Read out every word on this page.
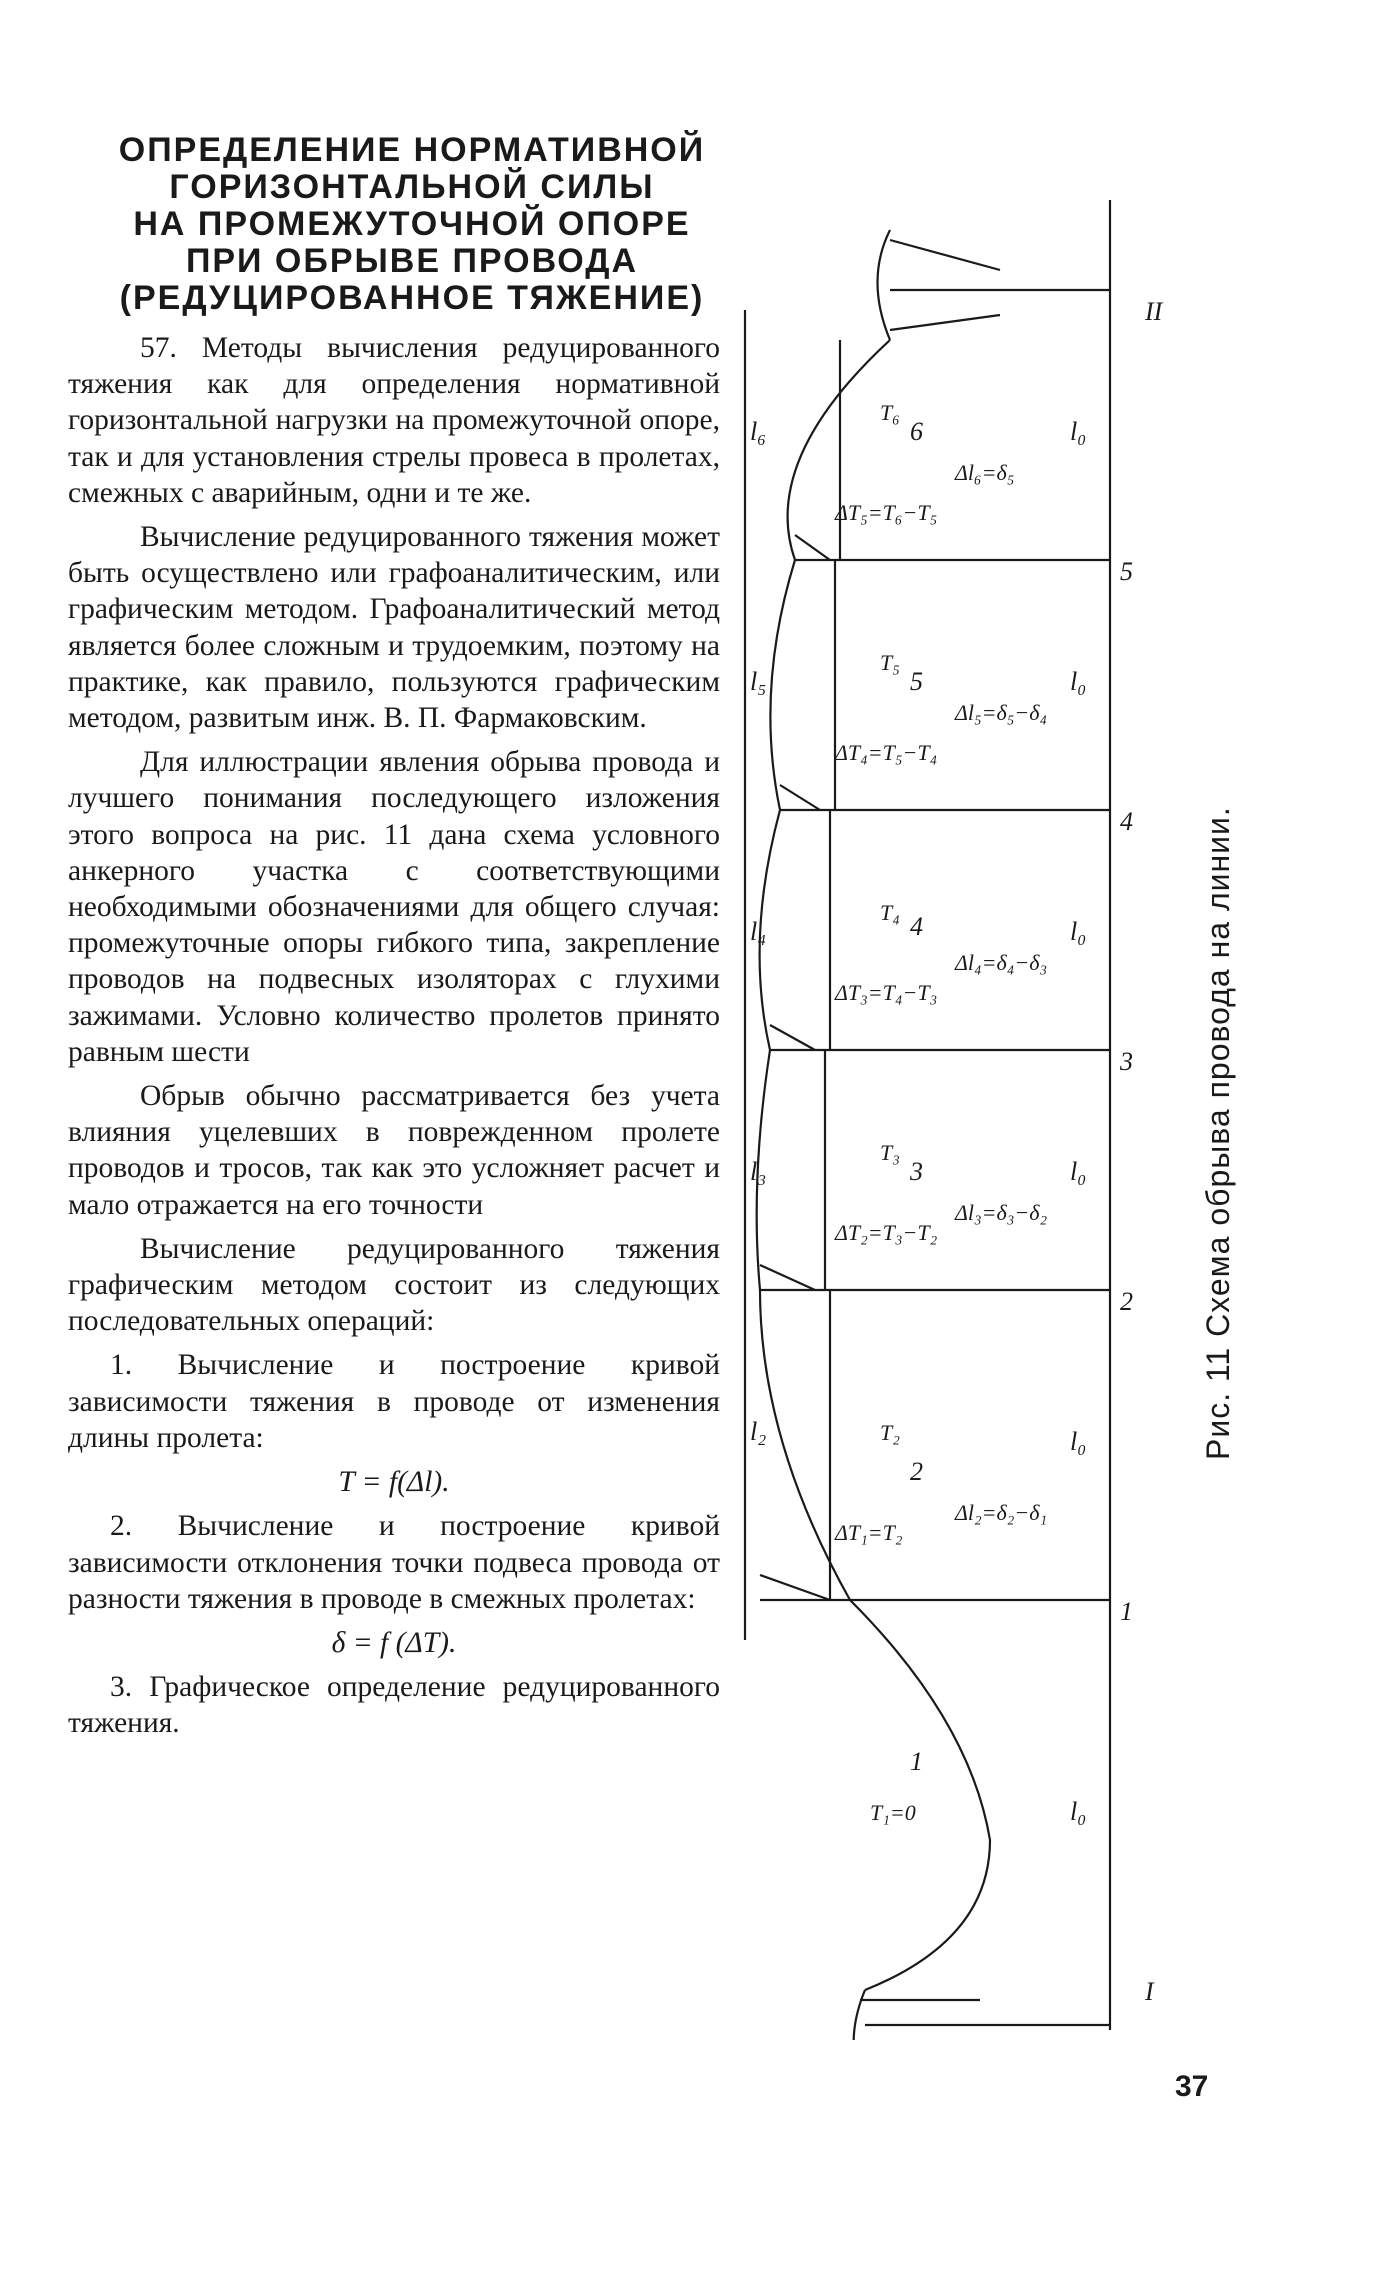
ОПРЕДЕЛЕНИЕ НОРМАТИВНОЙ
ГОРИЗОНТАЛЬНОЙ СИЛЫ
НА ПРОМЕЖУТОЧНОЙ ОПОРЕ
ПРИ ОБРЫВЕ ПРОВОДА
(РЕДУЦИРОВАННОЕ ТЯЖЕНИЕ)

57. Методы вычисления редуцированного тяжения как для определения нормативной горизонтальной нагрузки на промежуточной опоре, так и для установления стрелы провеса в пролетах, смежных с аварийным, одни и те же.

Вычисление редуцированного тяжения может быть осуществлено или графоаналитическим, или графическим методом. Графоаналитический метод является более сложным и трудоемким, поэтому на практике, как правило, пользуются графическим методом, развитым инж. В. П. Фармаковским.

Для иллюстрации явления обрыва провода и лучшего понимания последующего изложения этого вопроса на рис. 11 дана схема условного анкерного участка с соответствующими необходимыми обозначениями для общего случая: промежуточные опоры гибкого типа, закрепление проводов на подвесных изоляторах с глухими зажимами. Условно количество пролетов принято равным шести

Обрыв обычно рассматривается без учета влияния уцелевших в поврежденном пролете проводов и тросов, так как это усложняет расчет и мало отражается на его точности

Вычисление редуцированного тяжения графическим методом состоит из следующих последовательных операций:

1. Вычисление и построение кривой зависимости тяжения в проводе от изменения длины пролета:

T = f(Δl).

2. Вычисление и построение кривой зависимости отклонения точки подвеса провода от разности тяжения в проводе в смежных пролетах:

δ = f (ΔT).

3. Графическое определение редуцированного тяжения.

I
1
2
3
4
5
II
1
2
3
4
5
6
l₀
l₀
l₀
l₀
l₀
l₀
l₂
l₃
l₄
l₅
l₆
T₁=0
T₂
T₃
T₄
T₅
T₆
ΔT₁=T₂
ΔT₂=T₃−T₂
ΔT₃=T₄−T₃
ΔT₄=T₅−T₄
ΔT₅=T₆−T₅
Δl₂=δ₂−δ₁
Δl₃=δ₃−δ₂
Δl₄=δ₄−δ₃
Δl₅=δ₅−δ₄
Δl₆=δ₅
Рис. 11 Схема обрыва провода на линии.
37
